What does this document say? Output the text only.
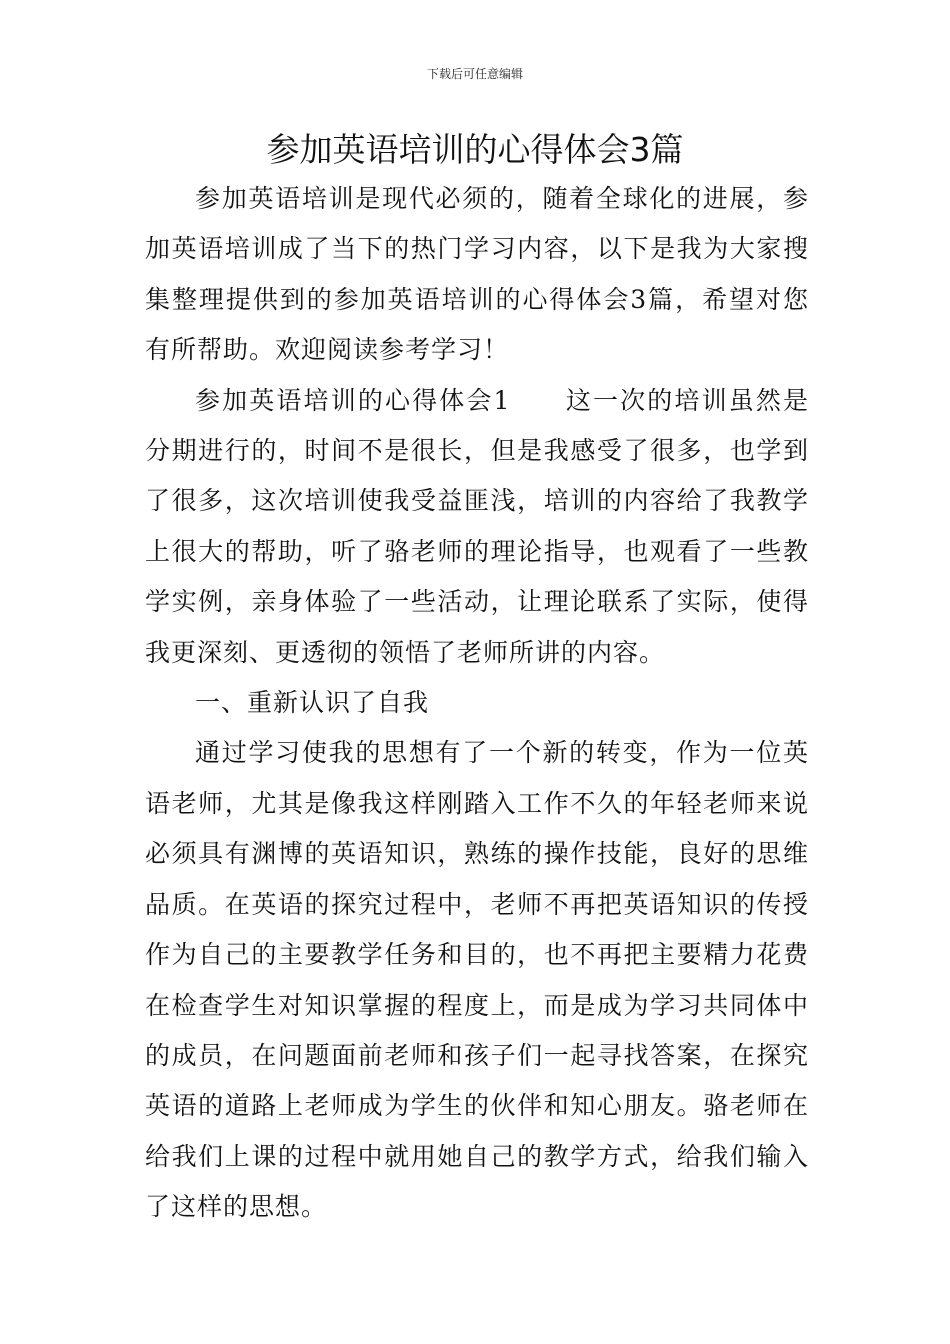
下载后可任意编辑
参加英语培训的心得体会3篇

参加英语培训是现代必须的，随着全球化的进展，参加英语培训成了当下的热门学习内容，以下是我为大家搜集整理提供到的参加英语培训的心得体会3篇，希望对您有所帮助。欢迎阅读参考学习！

参加英语培训的心得体会1　　这一次的培训虽然是分期进行的，时间不是很长，但是我感受了很多，也学到了很多，这次培训使我受益匪浅，培训的内容给了我教学上很大的帮助，听了骆老师的理论指导，也观看了一些教学实例，亲身体验了一些活动，让理论联系了实际，使得我更深刻、更透彻的领悟了老师所讲的内容。

一、重新认识了自我

通过学习使我的思想有了一个新的转变，作为一位英语老师，尤其是像我这样刚踏入工作不久的年轻老师来说必须具有渊博的英语知识，熟练的操作技能，良好的思维品质。在英语的探究过程中，老师不再把英语知识的传授作为自己的主要教学任务和目的，也不再把主要精力花费在检查学生对知识掌握的程度上，而是成为学习共同体中的成员，在问题面前老师和孩子们一起寻找答案，在探究英语的道路上老师成为学生的伙伴和知心朋友。骆老师在给我们上课的过程中就用她自己的教学方式，给我们输入了这样的思想。
